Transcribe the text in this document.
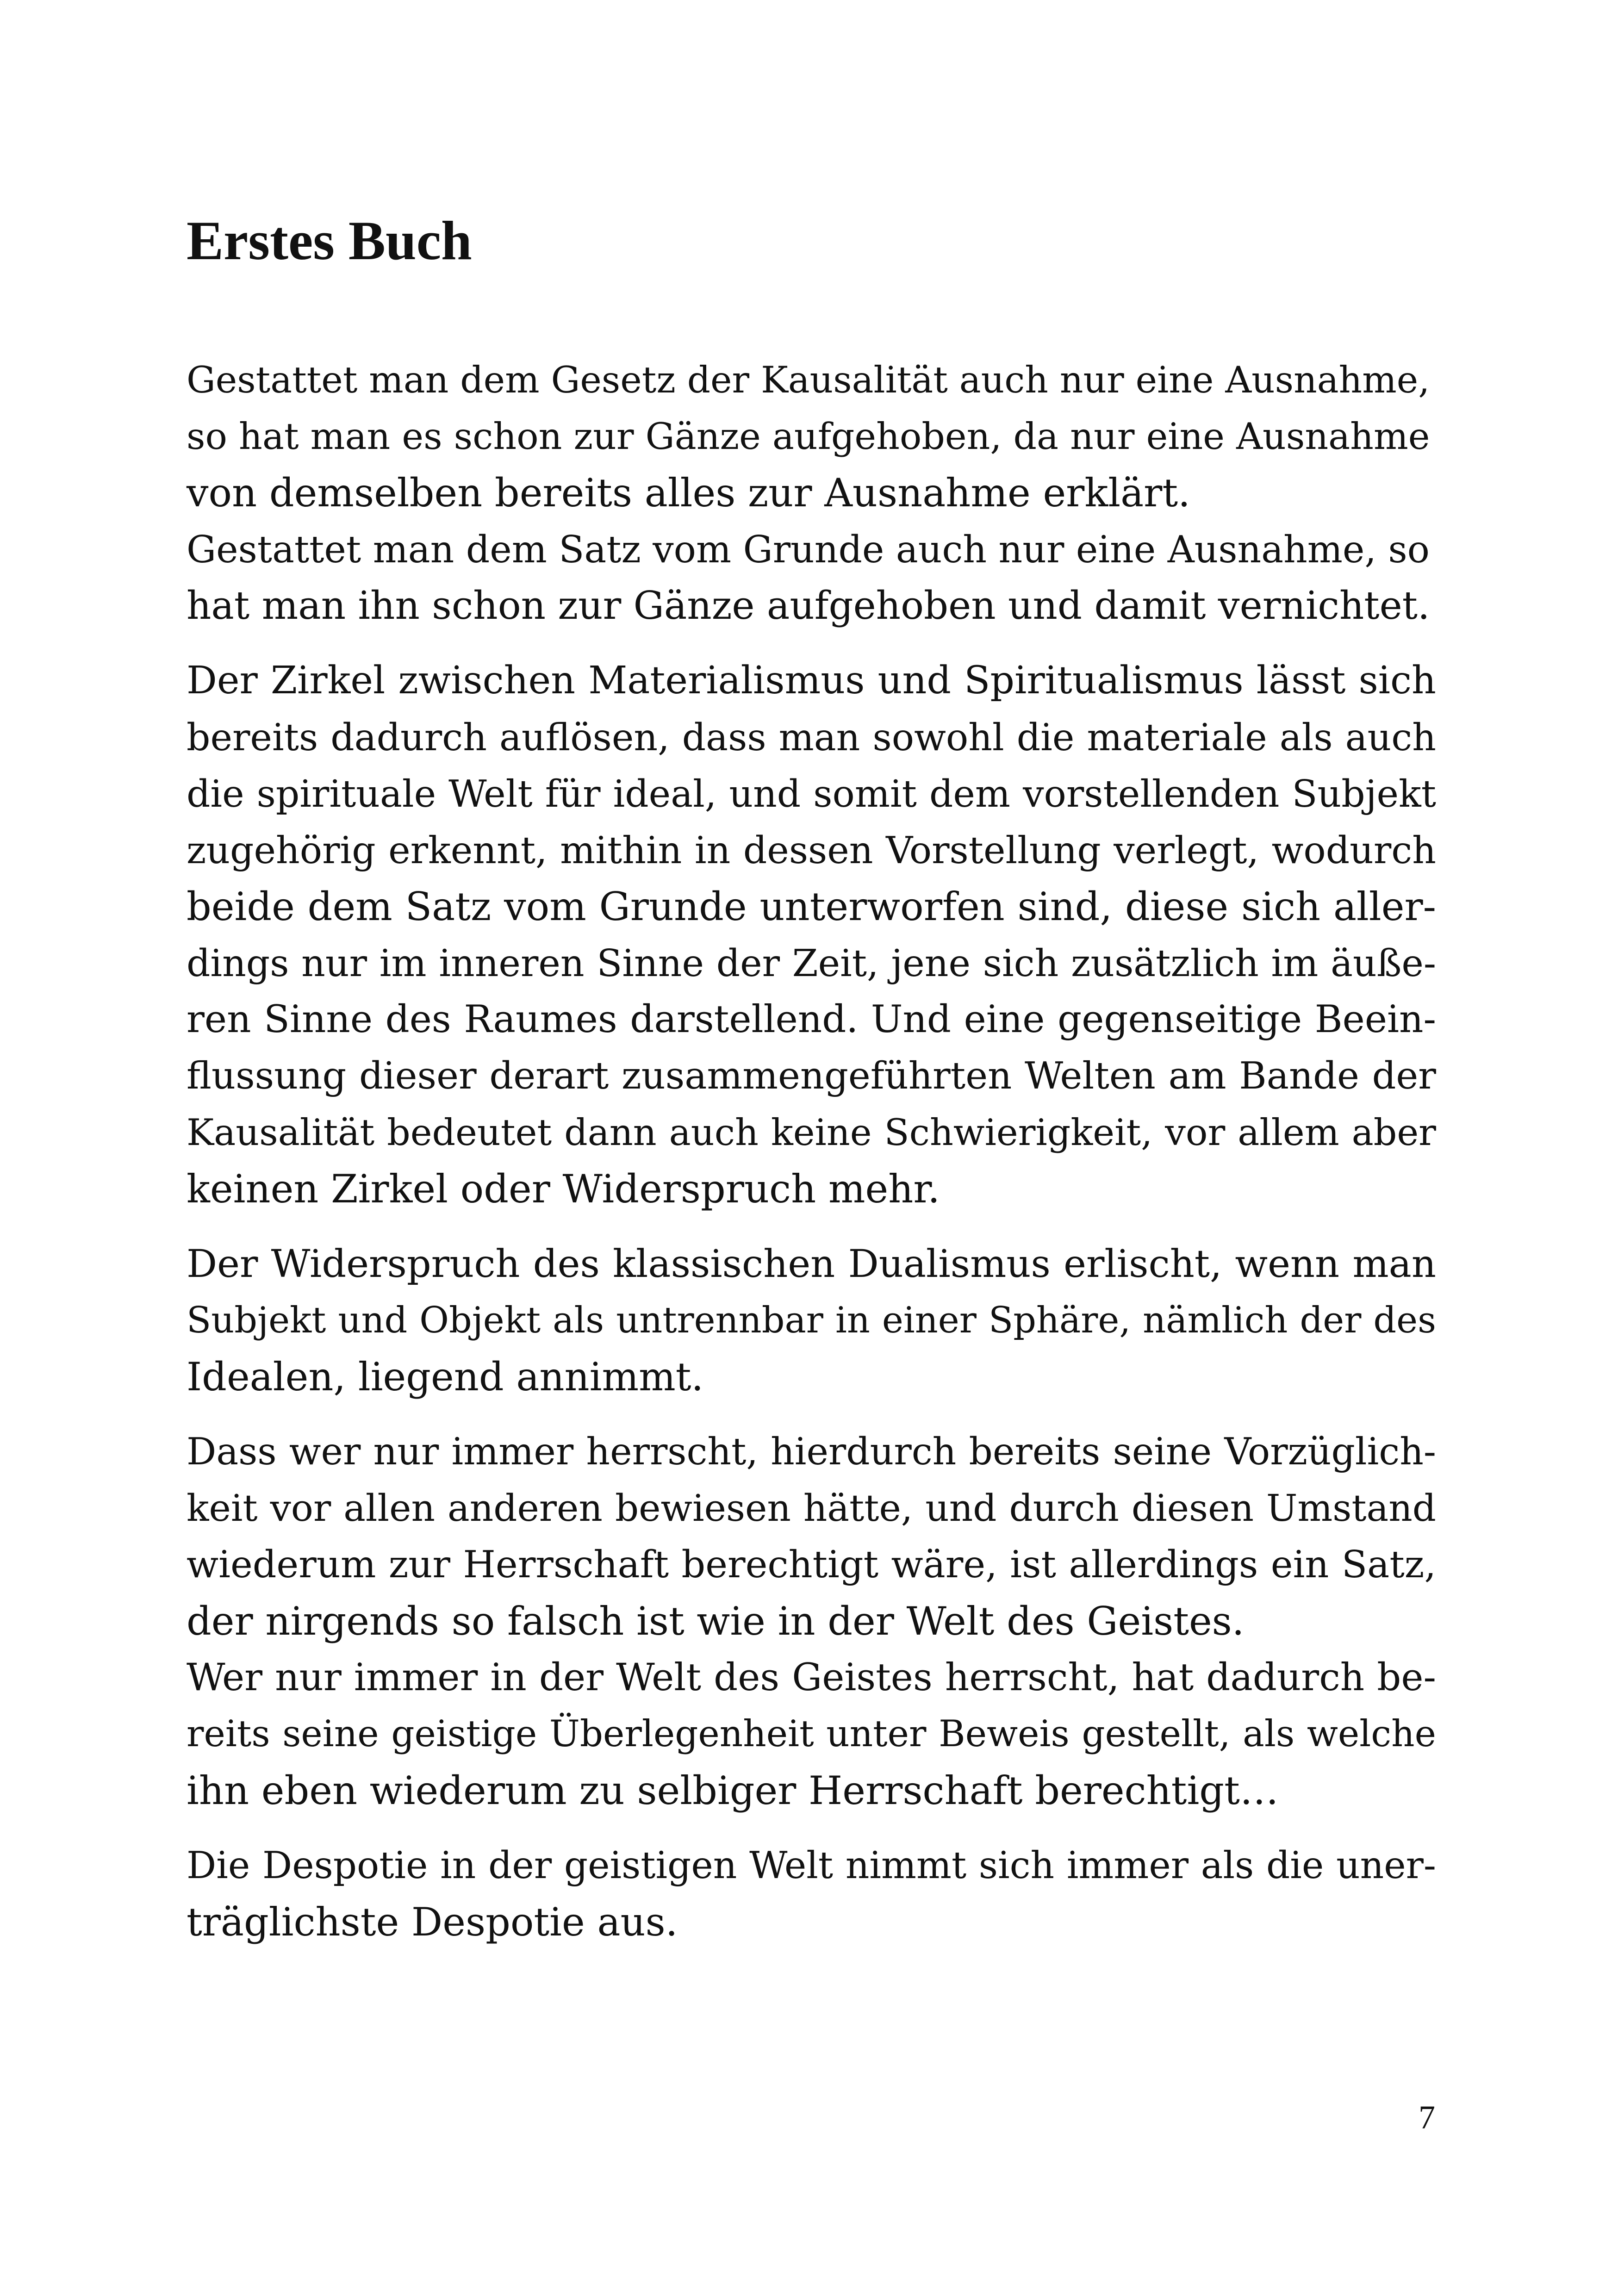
Erstes Buch

Gestattet man dem Gesetz der Kausalität auch nur eine Ausnahme,
so hat man es schon zur Gänze aufgehoben, da nur eine Ausnahme
von demselben bereits alles zur Ausnahme erklärt.
Gestattet man dem Satz vom Grunde auch nur eine Ausnahme, so
hat man ihn schon zur Gänze aufgehoben und damit vernichtet.

Der Zirkel zwischen Materialismus und Spiritualismus lässt sich
bereits dadurch auflösen, dass man sowohl die materiale als auch
die spirituale Welt für ideal, und somit dem vorstellenden Subjekt
zugehörig erkennt, mithin in dessen Vorstellung verlegt, wodurch
beide dem Satz vom Grunde unterworfen sind, diese sich aller-
dings nur im inneren Sinne der Zeit, jene sich zusätzlich im äuße-
ren Sinne des Raumes darstellend. Und eine gegenseitige Beein-
flussung dieser derart zusammengeführten Welten am Bande der
Kausalität bedeutet dann auch keine Schwierigkeit, vor allem aber
keinen Zirkel oder Widerspruch mehr.

Der Widerspruch des klassischen Dualismus erlischt, wenn man
Subjekt und Objekt als untrennbar in einer Sphäre, nämlich der des
Idealen, liegend annimmt.

Dass wer nur immer herrscht, hierdurch bereits seine Vorzüglich-
keit vor allen anderen bewiesen hätte, und durch diesen Umstand
wiederum zur Herrschaft berechtigt wäre, ist allerdings ein Satz,
der nirgends so falsch ist wie in der Welt des Geistes.
Wer nur immer in der Welt des Geistes herrscht, hat dadurch be-
reits seine geistige Überlegenheit unter Beweis gestellt, als welche
ihn eben wiederum zu selbiger Herrschaft berechtigt…

Die Despotie in der geistigen Welt nimmt sich immer als die uner-
träglichste Despotie aus.

7
